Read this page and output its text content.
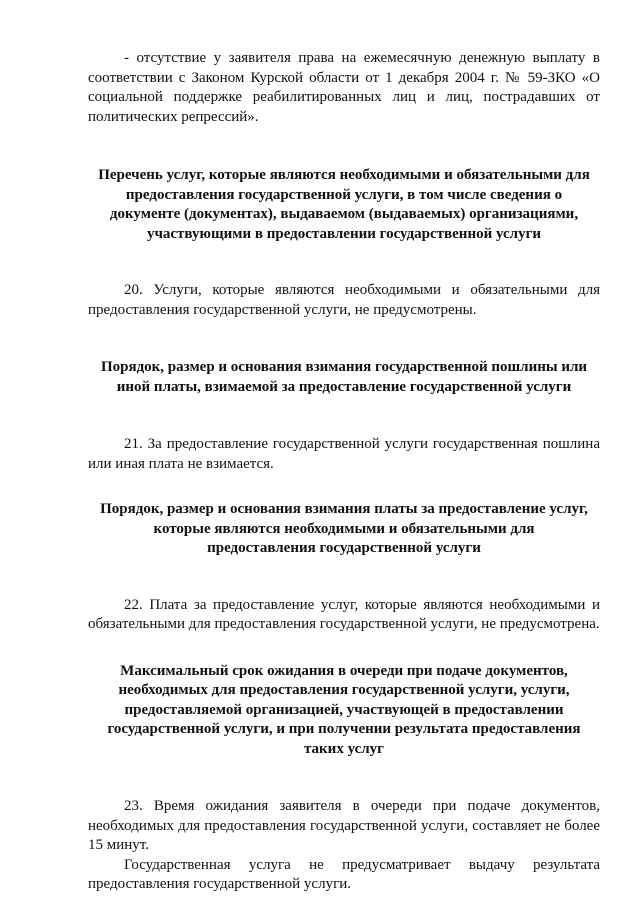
- отсутствие у заявителя права на ежемесячную денежную выплату в соответствии с Законом Курской области от 1 декабря 2004 г. № 59-ЗКО «О социальной поддержке реабилитированных лиц и лиц, пострадавших от политических репрессий».

Перечень услуг, которые являются необходимыми и обязательными для предоставления государственной услуги, в том числе сведения о документе (документах), выдаваемом (выдаваемых) организациями, участвующими в предоставлении государственной услуги

20. Услуги, которые являются необходимыми и обязательными для предоставления государственной услуги, не предусмотрены.

Порядок, размер и основания взимания государственной пошлины или иной платы, взимаемой за предоставление государственной услуги

21. За предоставление государственной услуги государственная пошлина или иная плата не взимается.

Порядок, размер и основания взимания платы за предоставление услуг, которые являются необходимыми и обязательными для предоставления государственной услуги

22. Плата за предоставление услуг, которые являются необходимыми и обязательными для предоставления государственной услуги, не предусмотрена.

Максимальный срок ожидания в очереди при подаче документов, необходимых для предоставления государственной услуги, услуги, предоставляемой организацией, участвующей в предоставлении государственной услуги, и при получении результата предоставления таких услуг

23. Время ожидания заявителя в очереди при подаче документов, необходимых для предоставления государственной услуги, составляет не более 15 минут.

Государственная услуга не предусматривает выдачу результата предоставления государственной услуги.
